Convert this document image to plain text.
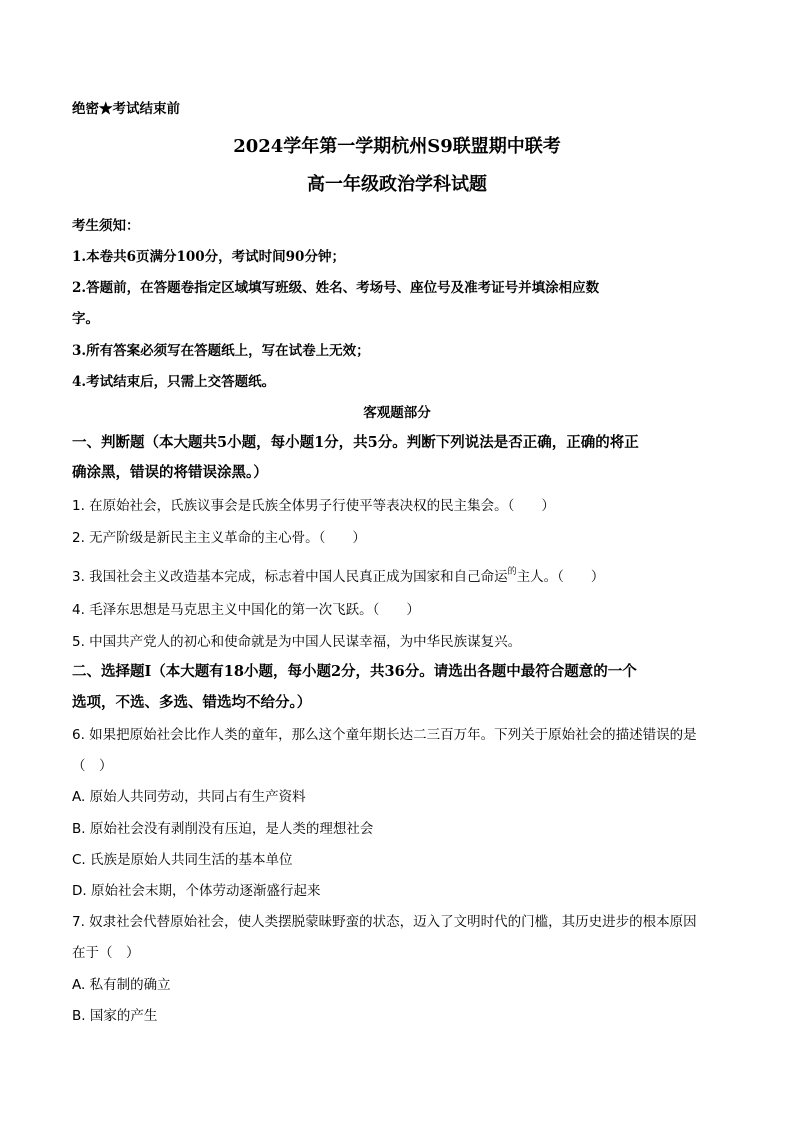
绝密★考试结束前
2024学年第一学期杭州S9联盟期中联考
高一年级政治学科试题
考生须知：
1.本卷共6页满分100分，考试时间90分钟；
2.答题前，在答题卷指定区域填写班级、姓名、考场号、座位号及准考证号并填涂相应数
字。
3.所有答案必须写在答题纸上，写在试卷上无效；
4.考试结束后，只需上交答题纸。
客观题部分
一、判断题（本大题共5小题，每小题1分，共5分。判断下列说法是否正确，正确的将正
确涂黑，错误的将错误涂黑。）
1. 在原始社会，氏族议事会是氏族全体男子行使平等表决权的民主集会。（　　）
2. 无产阶级是新民主主义革命的主心骨。（　　）
3. 我国社会主义改造基本完成，标志着中国人民真正成为国家和自己命运$^的$主人。（　　）
4. 毛泽东思想是马克思主义中国化的第一次飞跃。（　　）
5. 中国共产党人的初心和使命就是为中国人民谋幸福，为中华民族谋复兴。
二、选择题I（本大题有18小题，每小题2分，共36分。请选出各题中最符合题意的一个
选项，不选、多选、错选均不给分。）
6. 如果把原始社会比作人类的童年，那么这个童年期长达二三百万年。下列关于原始社会的描述错误的是
（　）
A. 原始人共同劳动，共同占有生产资料
B. 原始社会没有剥削没有压迫，是人类的理想社会
C. 氏族是原始人共同生活的基本单位
D. 原始社会末期，个体劳动逐渐盛行起来
7. 奴隶社会代替原始社会，使人类摆脱蒙昧野蛮的状态，迈入了文明时代的门槛，其历史进步的根本原因
在于（　）
A. 私有制的确立
B. 国家的产生
